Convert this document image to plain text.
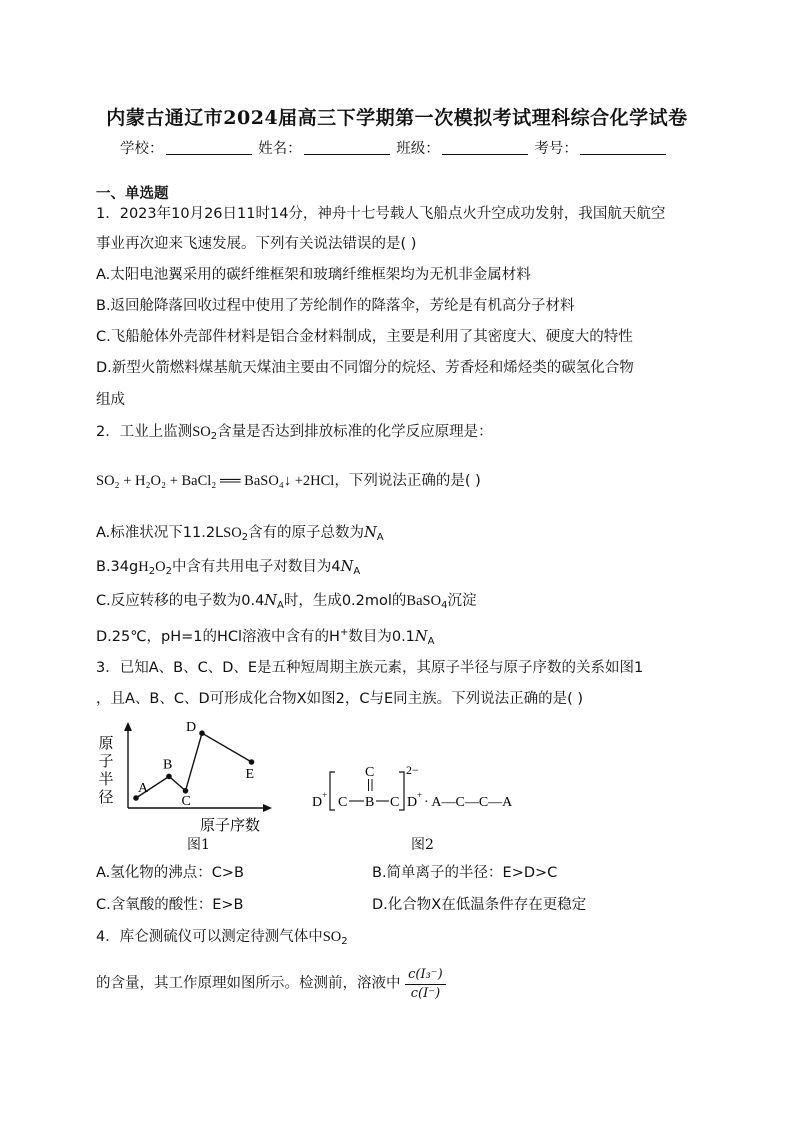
内蒙古通辽市2024届高三下学期第一次模拟考试理科综合化学试卷
学校：	姓名：	班级：	考号：
一、单选题
1．2023年10月26日11时14分，神舟十七号载人飞船点火升空成功发射，我国航天航空
事业再次迎来飞速发展。下列有关说法错误的是( )
A.太阳电池翼采用的碳纤维框架和玻璃纤维框架均为无机非金属材料
B.返回舱降落回收过程中使用了芳纶制作的降落伞，芳纶是有机高分子材料
C.飞船舱体外壳部件材料是铝合金材料制成，主要是利用了其密度大、硬度大的特性
D.新型火箭燃料煤基航天煤油主要由不同馏分的烷烃、芳香烃和烯烃类的碳氢化合物
组成
2．工业上监测$SO_2$含量是否达到排放标准的化学反应原理是：
SO₂ + H₂O₂ + BaCl₂ ══ BaSO₄↓ +2HCl，下列说法正确的是( )
A.标准状况下$11.2LSO_2$含有的原子总数为$N_A$
$B.34gH_2O_2$中含有共用电子对数目为$4N_A$
C.反应转移的电子数为$0.4N_A$时，生成0.2mol的BaSO$_4$沉淀
D.25℃，pH=1的HCl溶液中含有的H+数目为$0.1N_A$
3．已知A、B、C、D、E是五种短周期主族元素，其原子半径与原子序数的关系如图1
，且A、B、C、D可形成化合物X如图2，C与E同主族。下列说法正确的是( )
原
子
半
径
A
B
C
D
E
原子序数
图1
D + C B C
C	2−
D + · A—C—C—A
图2
A.氢化物的沸点：C>B	B.简单离子的半径：E>D>C
C.含氧酸的酸性：E>B	D.化合物X在低温条件存在更稳定
4．库仑测硫仪可以测定待测气体中$SO_2$
的含量，其工作原理如图所示。检测前，溶液中 $\frac{\text{c(I₃⁻)}}{c(I^-)}$
